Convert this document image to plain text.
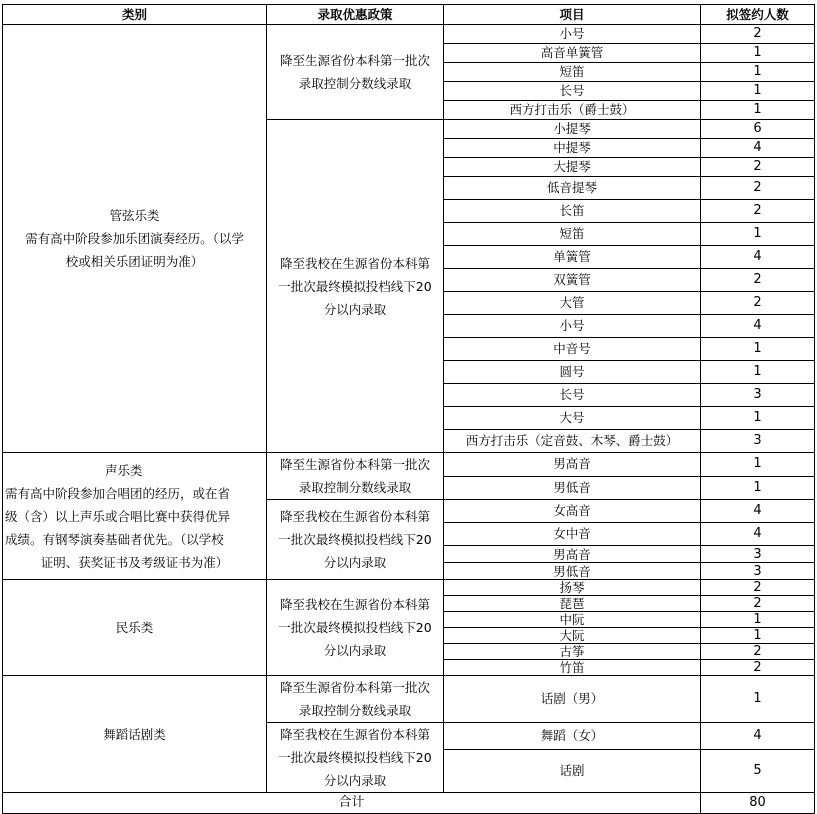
类别	录取优惠政策	项目	拟签约人数

管弦乐类
需有高中阶段参加乐团演奏经历。（以学
校或相关乐团证明为准）	降至生源省份本科第一批次
录取控制分数线录取	小号	2
		高音单簧管	1
		短笛	1
		长号	1
		西方打击乐（爵士鼓）	1

	降至我校在生源省份本科第
一批次最终模拟投档线下20
分以内录取	小提琴	6
		中提琴	4
		大提琴	2
		低音提琴	2
		长笛	2
		短笛	1
		单簧管	4
		双簧管	2
		大管	2
		小号	4
		中音号	1
		圆号	1
		长号	3
		大号	1
		西方打击乐（定音鼓、木琴、爵士鼓）	3

声乐类
需有高中阶段参加合唱团的经历，或在省
级（含）以上声乐或合唱比赛中获得优异
成绩。有钢琴演奏基础者优先。（以学校
证明、获奖证书及考级证书为准）	降至生源省份本科第一批次
录取控制分数线录取	男高音	1
		男低音	1

	降至我校在生源省份本科第
一批次最终模拟投档线下20
分以内录取	女高音	4
		女中音	4
		男高音	3
		男低音	3

民乐类	降至我校在生源省份本科第
一批次最终模拟投档线下20
分以内录取	扬琴	2
		琵琶	2
		中阮	1
		大阮	1
		古筝	2
		竹笛	2

舞蹈话剧类	降至生源省份本科第一批次
录取控制分数线录取	话剧（男）	1

	降至我校在生源省份本科第
一批次最终模拟投档线下20
分以内录取	舞蹈（女）	4
		话剧	5
合计			80
